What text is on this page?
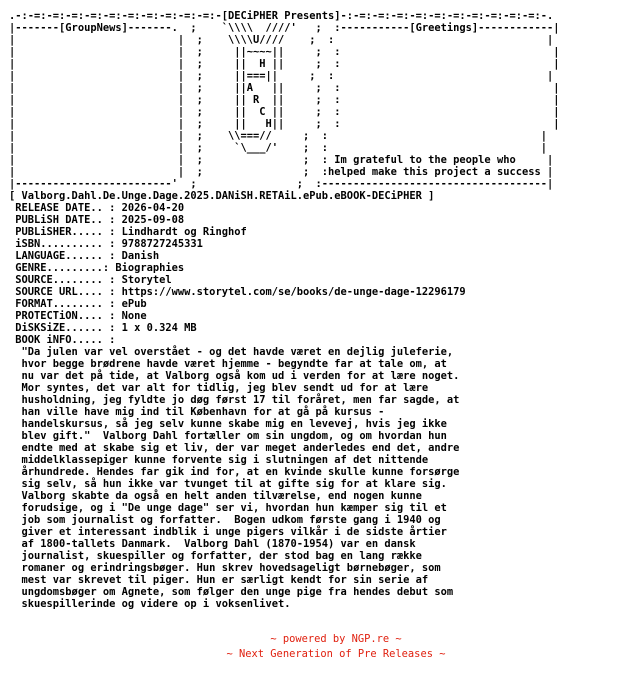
.-:-=:-=:-=:-=:-=:-=:-=:-=:-=:-=:-[DECiPHER Presents]-:-=:-=:-=:-=:-=:-=:-=:-=:-=:-=:-.
|-------[GroupNews]-------.  ;    `\\\\  ////'   ;  :-----------[Greetings]------------|
|                          |  ;    \\\\U////    ;  :                                  |
|                          |  ;     ||~~~~||     ;  :                                  |
|                          |  ;     ||  H ||     ;  :                                  |
|                          |  ;     ||===||     ;  :                                  |
|                          |  ;     ||A   ||     ;  :                                  |
|                          |  ;     || R  ||     ;  :                                  |
|                          |  ;     ||  C ||     ;  :                                  |
|                          |  ;     ||   H||     ;  :                                  |
|                          |  ;    \\===//     ;  :                                  |
|                          |  ;     `\___/'    ;  :                                  |
|                          |  ;                ;  : Im grateful to the people who     |
|                          |  ;                ;  :helped make this project a success |
|-------------------------'  ;                ;  :------------------------------------|
[ Valborg.Dahl.De.Unge.Dage.2025.DANiSH.RETAiL.ePub.eBOOK-DECiPHER ]
RELEASE DATE.. : 2026-04-20
PUBLiSH DATE.. : 2025-09-08
PUBLiSHER..... : Lindhardt og Ringhof
iSBN.......... : 9788727245331
LANGUAGE...... : Danish
GENRE.........: Biographies
SOURCE........ : Storytel
SOURCE URL.... : https://www.storytel.com/se/books/de-unge-dage-12296179
FORMAT........ : ePub
PROTECTiON.... : None
DiSKSiZE...... : 1 x 0.324 MB
BOOK iNFO..... :
"Da julen var vel overstået - og det havde været en dejlig juleferie,
hvor begge brødrene havde været hjemme - begyndte far at tale om, at
nu var det på tide, at Valborg også kom ud i verden for at lære noget.
Mor syntes, det var alt for tidlig, jeg blev sendt ud for at lære
husholdning, jeg fyldte jo døg først 17 til foråret, men far sagde, at
han ville have mig ind til København for at gå på kursus -
handelskursus, så jeg selv kunne skabe mig en levevej, hvis jeg ikke
blev gift."  Valborg Dahl fortæller om sin ungdom, og om hvordan hun
endte med at skabe sig et liv, der var meget anderledes end det, andre
middelklassepiger kunne forvente sig i slutningen af det nittende
århundrede. Hendes far gik ind for, at en kvinde skulle kunne forsørge
sig selv, så hun ikke var tvunget til at gifte sig for at klare sig.
Valborg skabte da også en helt anden tilværelse, end nogen kunne
forudsige, og i "De unge dage" ser vi, hvordan hun kæmper sig til et
job som journalist og forfatter.  Bogen udkom første gang i 1940 og
giver et interessant indblik i unge pigers vilkår i de sidste årtier
af 1800-tallets Danmark.  Valborg Dahl (1870-1954) var en dansk
journalist, skuespiller og forfatter, der stod bag en lang række
romaner og erindringsbøger. Hun skrev hovedsageligt børnebøger, som
mest var skrevet til piger. Hun er særligt kendt for sin serie af
ungdomsbøger om Agnete, som følger den unge pige fra hendes debut som
skuespillerinde og videre op i voksenlivet.
~ powered by NGP.re ~
~ Next Generation of Pre Releases ~
